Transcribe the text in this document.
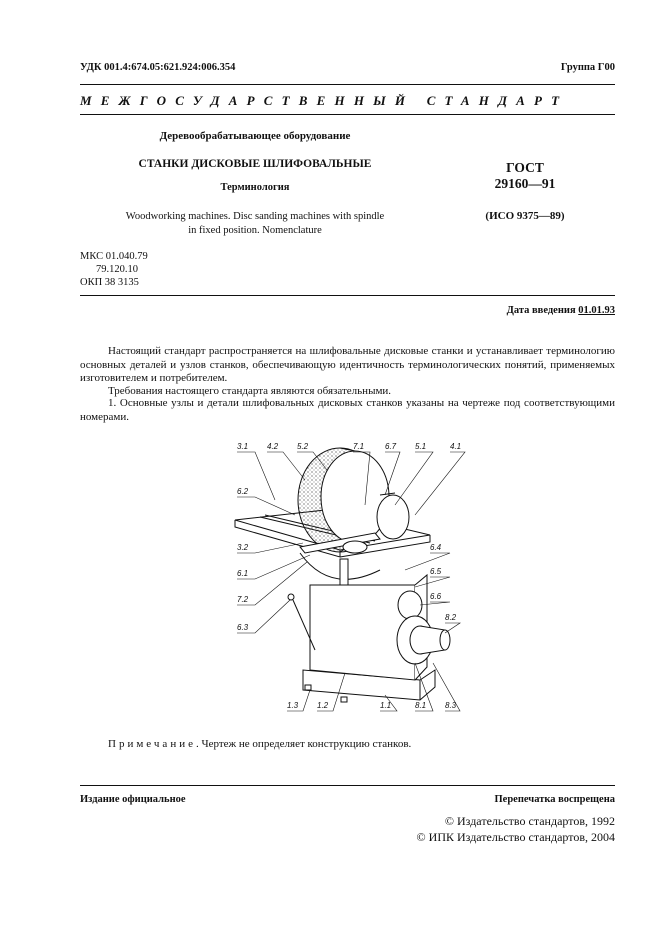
УДК 001.4:674.05:621.924:006.354	Группа Г00
МЕЖГОСУДАРСТВЕННЫЙ СТАНДАРТ
Деревообрабатывающее оборудование
СТАНКИ ДИСКОВЫЕ ШЛИФОВАЛЬНЫЕ
Терминология
Woodworking machines. Disc sanding machines with spindle
in fixed position. Nomenclature
ГОСТ
29160—91
(ИСО 9375—89)
МКС 01.040.79
79.120.10
ОКП 38 3135
Дата введения 01.01.93
Настоящий стандарт распространяется на шлифовальные дисковые станки и устанавливает терминологию основных деталей и узлов станков, обеспечивающую идентичность терминологических понятий, применяемых изготовителем и потребителем.
Требования настоящего стандарта являются обязательными.
1. Основные узлы и детали шлифовальных дисковых станков указаны на чертеже под соответствующими номерами.
3.1 4.2 5.2	7.1	6.7 5.1	4.1
6.2
3.2	6.4
6.1	6.5
7.2	6.6
6.3
8.2
1.3 1.2	1.1	8.1 8.3
Примечание. Чертеж не определяет конструкцию станков.
Издание официальное	Перепечатка воспрещена
© Издательство стандартов, 1992
© ИПК Издательство стандартов, 2004
